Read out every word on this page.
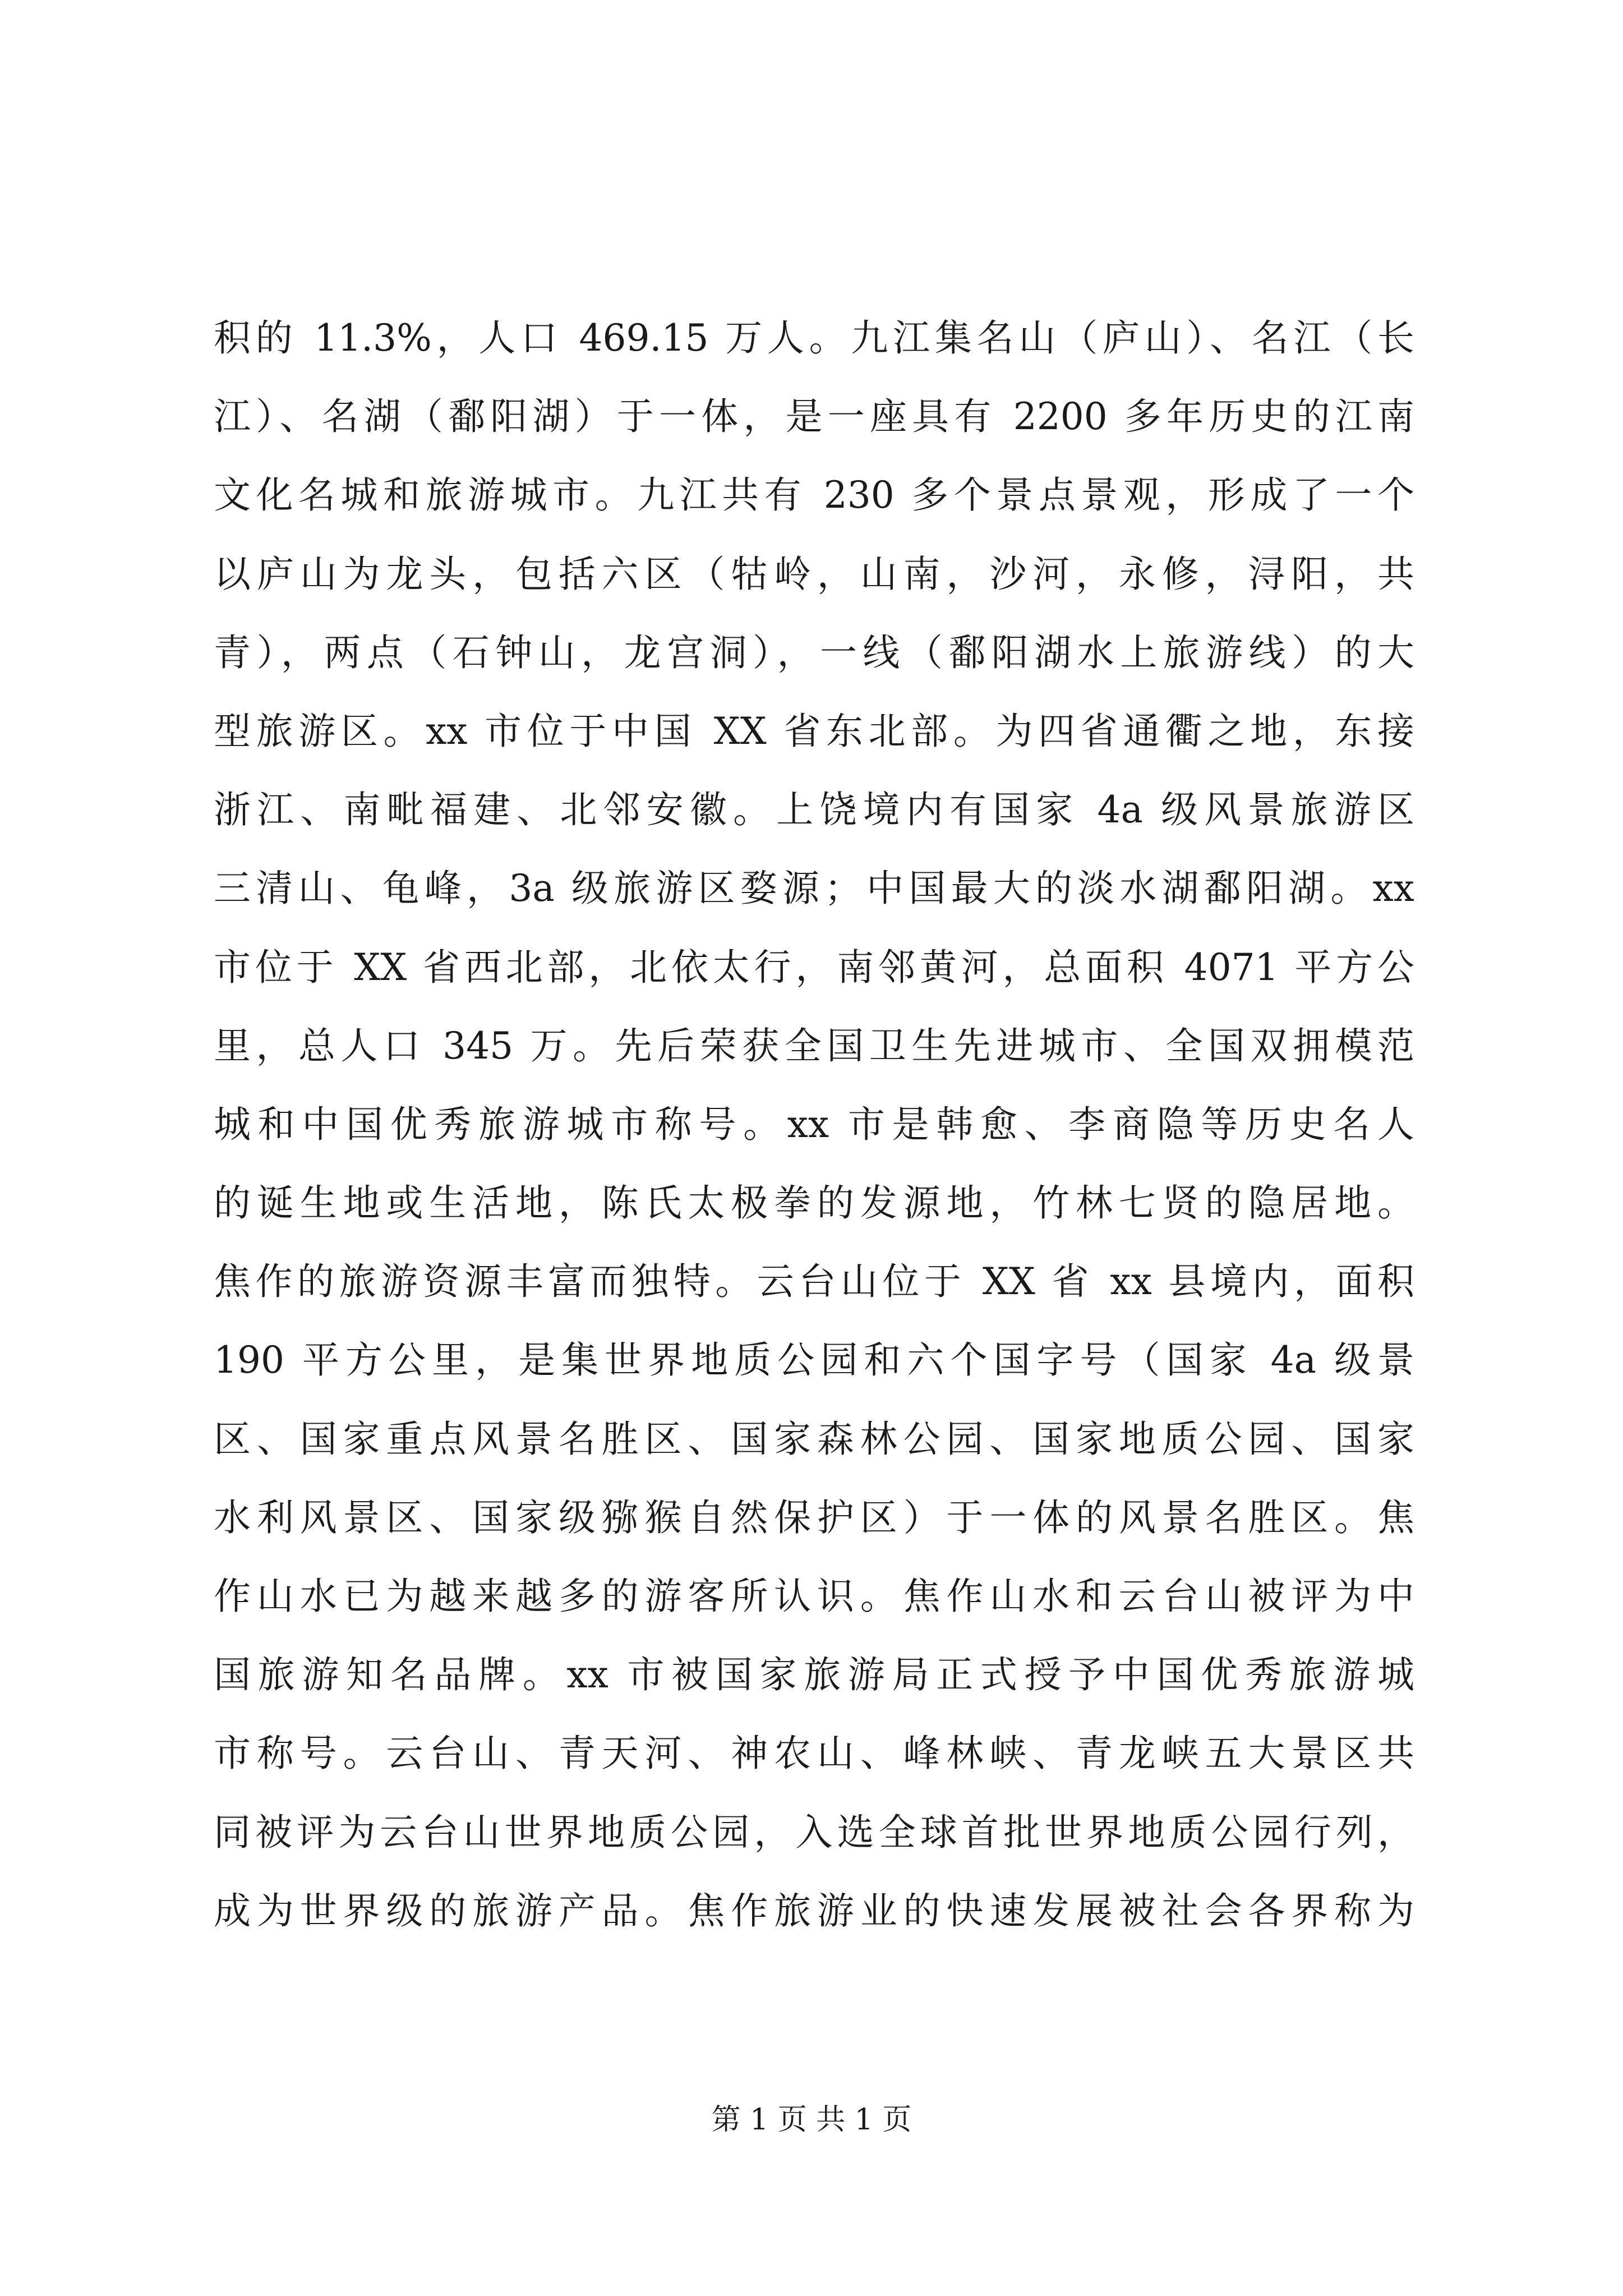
积的 11.3%，人口 469.15 万人。九江集名山（庐山）、名江（长
江）、名湖（鄱阳湖）于一体，是一座具有 2200 多年历史的江南
文化名城和旅游城市。九江共有 230 多个景点景观，形成了一个
以庐山为龙头，包括六区（牯岭，山南，沙河，永修，浔阳，共
青），两点（石钟山，龙宫洞），一线（鄱阳湖水上旅游线）的大
型旅游区。xx 市位于中国 XX 省东北部。为四省通衢之地，东接
浙江、南毗福建、北邻安徽。上饶境内有国家 4a 级风景旅游区
三清山、龟峰，3a 级旅游区婺源；中国最大的淡水湖鄱阳湖。xx
市位于 XX 省西北部，北依太行，南邻黄河，总面积 4071 平方公
里，总人口 345 万。先后荣获全国卫生先进城市、全国双拥模范
城和中国优秀旅游城市称号。xx 市是韩愈、李商隐等历史名人
的诞生地或生活地，陈氏太极拳的发源地，竹林七贤的隐居地。
焦作的旅游资源丰富而独特。云台山位于 XX 省 xx 县境内，面积
190 平方公里，是集世界地质公园和六个国字号（国家 4a 级景
区、国家重点风景名胜区、国家森林公园、国家地质公园、国家
水利风景区、国家级猕猴自然保护区）于一体的风景名胜区。焦
作山水已为越来越多的游客所认识。焦作山水和云台山被评为中
国旅游知名品牌。xx 市被国家旅游局正式授予中国优秀旅游城
市称号。云台山、青天河、神农山、峰林峡、青龙峡五大景区共
同被评为云台山世界地质公园，入选全球首批世界地质公园行列，
成为世界级的旅游产品。焦作旅游业的快速发展被社会各界称为
第 1 页 共 1 页
